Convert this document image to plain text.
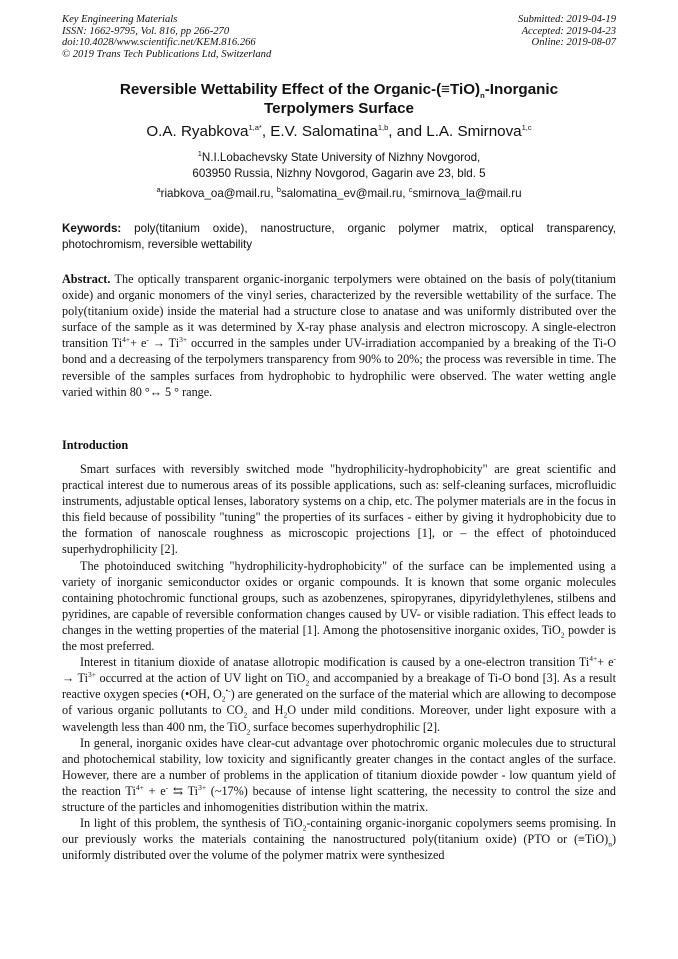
Key Engineering Materials
ISSN: 1662-9795, Vol. 816, pp 266-270
doi:10.4028/www.scientific.net/KEM.816.266
© 2019 Trans Tech Publications Ltd, Switzerland
Submitted: 2019-04-19
Accepted: 2019-04-23
Online: 2019-08-07
Reversible Wettability Effect of the Organic-$(\equiv TiO)_n$-Inorganic
Terpolymers Surface
O.A. Ryabkova$^{1,a*}$, E.V. Salomatina$^{1,b}$, and L.A. Smirnova$^{1,c}$
$^1$N.I.Lobachevsky State University of Nizhny Novgorod,
603950 Russia, Nizhny Novgorod, Gagarin ave 23, bld. 5
$^a$riabkova_oa@mail.ru, $^b$salomatina_ev@mail.ru, $^c$smirnova_la@mail.ru
Keywords: poly(titanium oxide), nanostructure, organic polymer matrix, optical transparency, photochromism, reversible wettability
Abstract. The optically transparent organic-inorganic terpolymers were obtained on the basis of poly(titanium oxide) and organic monomers of the vinyl series, characterized by the reversible wettability of the surface. The poly(titanium oxide) inside the material had a structure close to anatase and was uniformly distributed over the surface of the sample as it was determined by X-ray phase analysis and electron microscopy. A single-electron transition $Ti^{4+}+ e^- \to Ti^{3+}$ occurred in the samples under UV-irradiation accompanied by a breaking of the Ti-O bond and a decreasing of the terpolymers transparency from 90% to 20%; the process was reversible in time. The reversible of the samples surfaces from hydrophobic to hydrophilic were observed. The water wetting angle varied within 80 °↔ 5 ° range.
Introduction

Smart surfaces with reversibly switched mode "hydrophilicity-hydrophobicity" are great scientific and practical interest due to numerous areas of its possible applications, such as: self-cleaning surfaces, microfluidic instruments, adjustable optical lenses, laboratory systems on a chip, etc. The polymer materials are in the focus in this field because of possibility "tuning" the properties of its surfaces - either by giving it hydrophobicity due to the formation of nanoscale roughness as microscopic projections [1], or – the effect of photoinduced superhydrophilicity [2].

The photoinduced switching "hydrophilicity-hydrophobicity" of the surface can be implemented using a variety of inorganic semiconductor oxides or organic compounds. It is known that some organic molecules containing photochromic functional groups, such as azobenzenes, spiropyranes, dipyridylethylenes, stilbens and pyridines, are capable of reversible conformation changes caused by UV- or visible radiation. This effect leads to changes in the wetting properties of the material [1]. Among the photosensitive inorganic oxides, TiO$_2$ powder is the most preferred.

Interest in titanium dioxide of anatase allotropic modification is caused by a one-electron transition $Ti^{4+}+ e^- \to Ti^{3+}$ occurred at the action of UV light on TiO$_2$ and accompanied by a breakage of Ti-O bond [3]. As a result reactive oxygen species (•OH, $O_2^{•-}$) are generated on the surface of the material which are allowing to decompose of various organic pollutants to $CO_2$ and $H_2O$ under mild conditions. Moreover, under light exposure with a wavelength less than 400 nm, the TiO$_2$ surface becomes superhydrophilic [2].

In general, inorganic oxides have clear-cut advantage over photochromic organic molecules due to structural and photochemical stability, low toxicity and significantly greater changes in the contact angles of the surface. However, there are a number of problems in the application of titanium dioxide powder - low quantum yield of the reaction $Ti^{4+} + e^-$ ⇆ $Ti^{3+}$ (~17%) because of intense light scattering, the necessity to control the size and structure of the particles and inhomogenities distribution within the matrix.

In light of this problem, the synthesis of TiO$_2$-containing organic-inorganic copolymers seems promising. In our previously works the materials containing the nanostructured poly(titanium oxide) (PTO or $(\equiv TiO)_n$) uniformly distributed over the volume of the polymer matrix were synthesized
